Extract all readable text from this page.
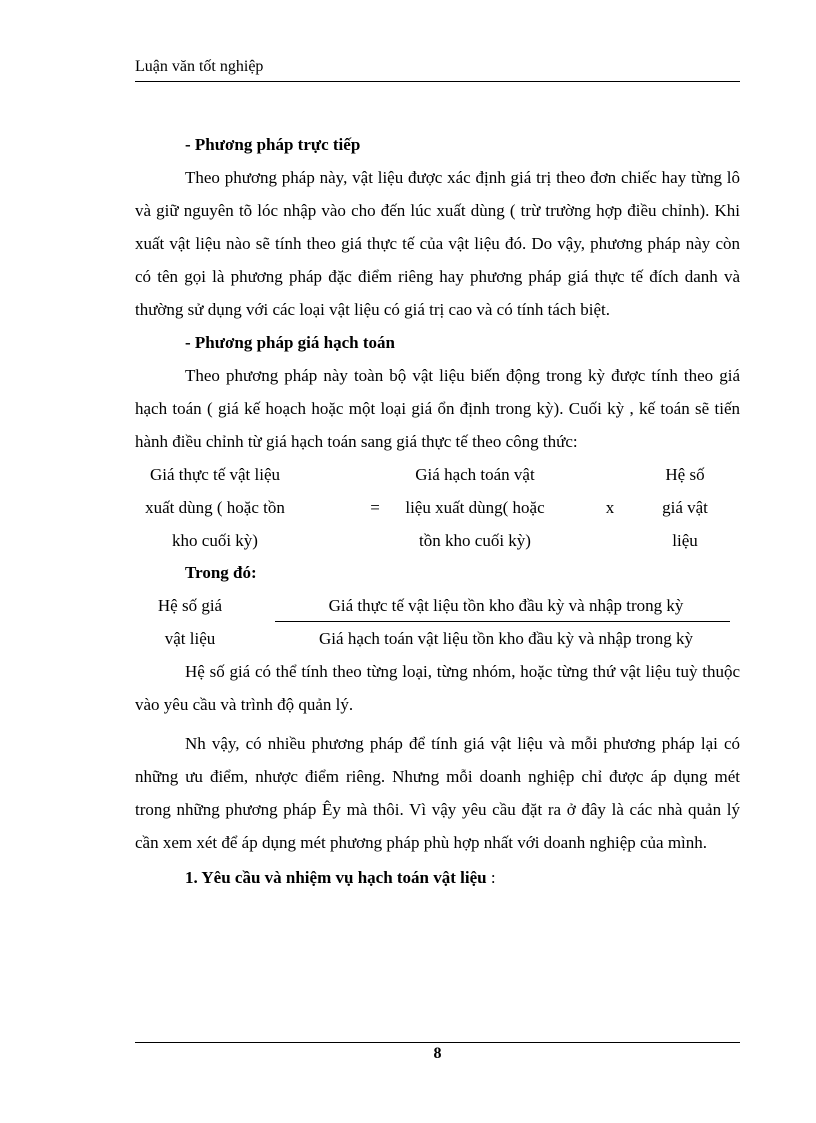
Luận văn tốt nghiệp

- Phương pháp trực tiếp

Theo phương pháp này, vật liệu được xác định giá trị theo đơn chiếc hay từng lô và giữ nguyên tõ lóc nhập vào cho đến lúc xuất dùng ( trừ trường hợp điều chỉnh). Khi xuất vật liệu nào sẽ tính theo giá thực tế của vật liệu đó. Do vậy, phương pháp này còn có tên gọi là phương pháp đặc điểm riêng hay phương pháp giá thực tế đích danh và thường sử dụng với các loại vật liệu có giá trị cao và có tính tách biệt.

- Phương pháp giá hạch toán

Theo phương pháp này toàn bộ vật liệu biến động trong kỳ được tính theo giá hạch toán ( giá kế hoạch hoặc một loại giá ổn định trong kỳ). Cuối kỳ , kế toán sẽ tiến hành điều chỉnh từ giá hạch toán sang giá thực tế theo công thức:

Giá thực tế vật liệu
xuất dùng ( hoặc tồn
kho cuối kỳ)
=
Giá hạch toán vật
liệu xuất dùng( hoặc
tồn kho cuối kỳ)
x
Hệ số
giá vật
liệu

Trong đó:

Hệ số giá
vật liệu
Giá thực tế vật liệu tồn kho đầu kỳ và nhập trong kỳ
Giá hạch toán vật liệu tồn kho đầu kỳ và nhập trong kỳ

Hệ số giá có thể tính theo từng loại, từng nhóm, hoặc từng thứ vật liệu tuỳ thuộc vào yêu cầu và trình độ quản lý.

Nh vậy, có nhiều phương pháp để tính giá vật liệu và mỗi phương pháp lại có những ưu điểm, nhược điểm riêng. Nhưng mỗi doanh nghiệp chỉ được áp dụng mét trong những phương pháp Êy mà thôi. Vì vậy yêu cầu đặt ra ở đây là các nhà quản lý cần xem xét để áp dụng mét phương pháp phù hợp nhất với doanh nghiệp của mình.

1. Yêu cầu và nhiệm vụ hạch toán vật liệu :

8
